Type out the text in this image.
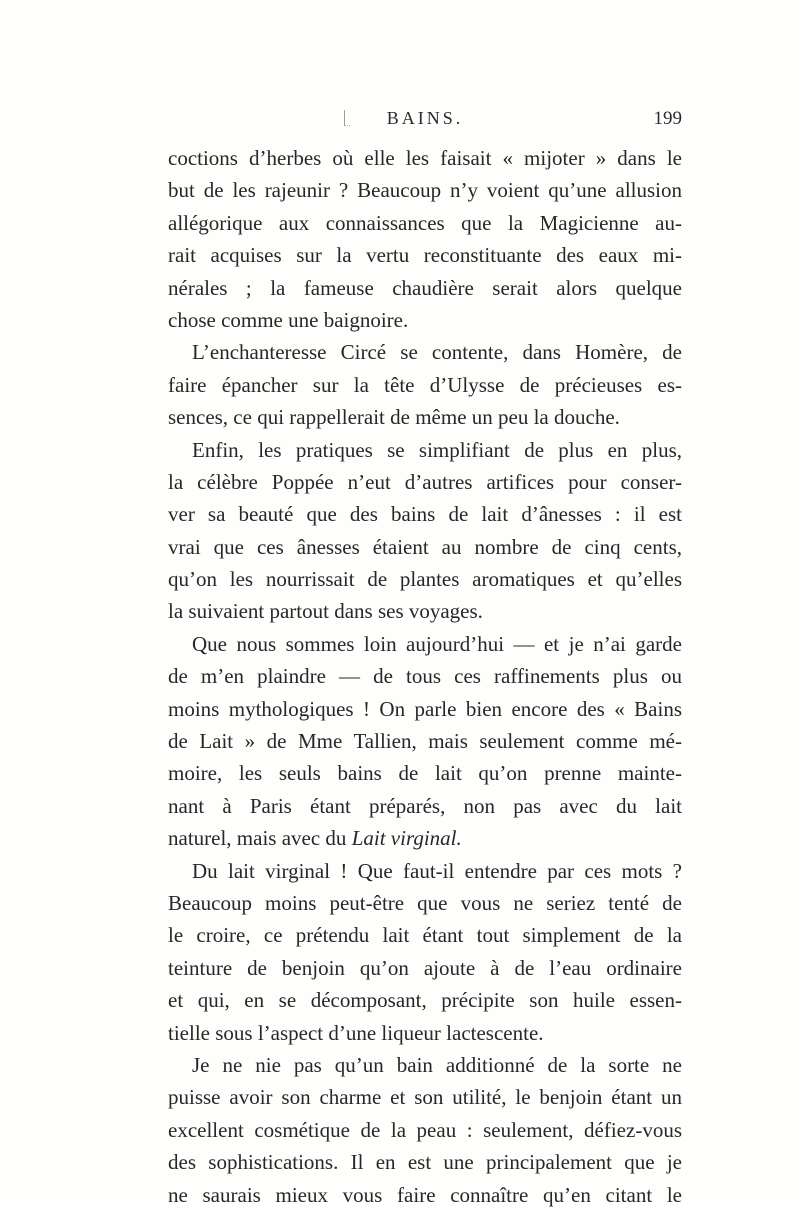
BAINS.	199
coctions d’herbes où elle les faisait « mijoter » dans le
but de les rajeunir ? Beaucoup n’y voient qu’une allusion
allégorique aux connaissances que la Magicienne au-
rait acquises sur la vertu reconstituante des eaux mi-
nérales ; la fameuse chaudière serait alors quelque
chose comme une baignoire.
L’enchanteresse Circé se contente, dans Homère, de
faire épancher sur la tête d’Ulysse de précieuses es-
sences, ce qui rappellerait de même un peu la douche.
Enfin, les pratiques se simplifiant de plus en plus,
la célèbre Poppée n’eut d’autres artifices pour conser-
ver sa beauté que des bains de lait d’ânesses : il est
vrai que ces ânesses étaient au nombre de cinq cents,
qu’on les nourrissait de plantes aromatiques et qu’elles
la suivaient partout dans ses voyages.
Que nous sommes loin aujourd’hui — et je n’ai garde
de m’en plaindre — de tous ces raffinements plus ou
moins mythologiques ! On parle bien encore des « Bains
de Lait » de Mme Tallien, mais seulement comme mé-
moire, les seuls bains de lait qu’on prenne mainte-
nant à Paris étant préparés, non pas avec du lait
naturel, mais avec du Lait virginal.
Du lait virginal ! Que faut-il entendre par ces mots ?
Beaucoup moins peut-être que vous ne seriez tenté de
le croire, ce prétendu lait étant tout simplement de la
teinture de benjoin qu’on ajoute à de l’eau ordinaire
et qui, en se décomposant, précipite son huile essen-
tielle sous l’aspect d’une liqueur lactescente.
Je ne nie pas qu’un bain additionné de la sorte ne
puisse avoir son charme et son utilité, le benjoin étant un
excellent cosmétique de la peau : seulement, défiez-vous
des sophistications. Il en est une principalement que je
ne saurais mieux vous faire connaître qu’en citant le
